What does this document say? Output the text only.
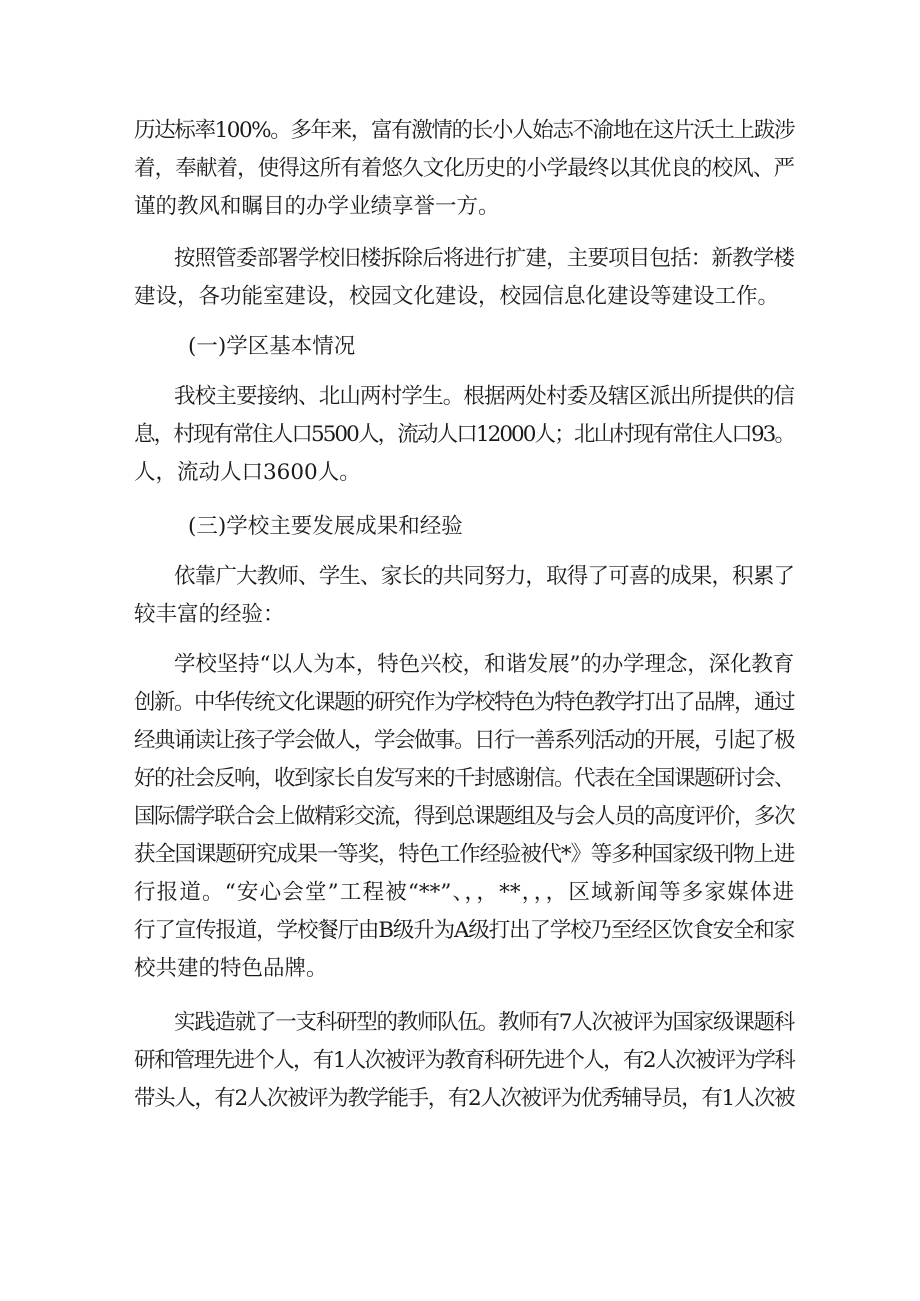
历达标率100%。多年来，富有激情的长小人始志不渝地在这片沃土上跋涉
着，奉献着，使得这所有着悠久文化历史的小学最终以其优良的校风、严
谨的教风和瞩目的办学业绩享誉一方。
按照管委部署学校旧楼拆除后将进行扩建，主要项目包括：新教学楼
建设，各功能室建设，校园文化建设，校园信息化建设等建设工作。
(一)学区基本情况
我校主要接纳、北山两村学生。根据两处村委及辖区派出所提供的信
息，村现有常住人口5500人，流动人口12000人；北山村现有常住人口93。
人，流动人口3600人。
(三)学校主要发展成果和经验
依靠广大教师、学生、家长的共同努力，取得了可喜的成果，积累了
较丰富的经验：
学校坚持“以人为本，特色兴校，和谐发展”的办学理念，深化教育
创新。中华传统文化课题的研究作为学校特色为特色教学打出了品牌，通过
经典诵读让孩子学会做人，学会做事。日行一善系列活动的开展，引起了极
好的社会反响，收到家长自发写来的千封感谢信。代表在全国课题研讨会、
国际儒学联合会上做精彩交流，得到总课题组及与会人员的高度评价，多次
获全国课题研究成果一等奖，特色工作经验被代*》等多种国家级刊物上进
行报道。“安心会堂”工程被“**”、，，**，，，区域新闻等多家媒体进
行了宣传报道，学校餐厅由B级升为A级打出了学校乃至经区饮食安全和家
校共建的特色品牌。
实践造就了一支科研型的教师队伍。教师有7人次被评为国家级课题科
研和管理先进个人，有1人次被评为教育科研先进个人，有2人次被评为学科
带头人，有2人次被评为教学能手，有2人次被评为优秀辅导员，有1人次被
